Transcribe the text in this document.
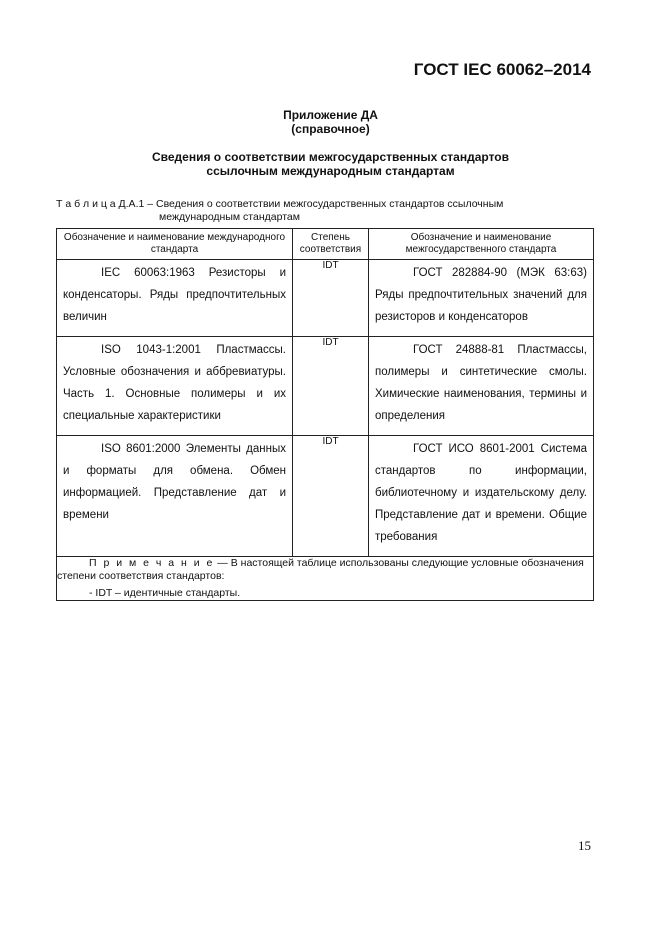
ГОСТ IEC 60062–2014
Приложение ДА
(справочное)
Сведения о соответствии межгосударственных стандартов
ссылочным международным стандартам
Т а б л и ц а Д.А.1 – Сведения о соответствии межгосударственных стандартов ссылочным
международным стандартам
Обозначение и наименование международного стандарта	Степень соответствия	Обозначение и наименование межгосударственного стандарта

IEC 60063:1963 Резисторы и конденсаторы. Ряды предпочтительных величин	IDT	ГОСТ 282884-90 (МЭК 63:63) Ряды предпочтительных значений для резисторов и конденсаторов

ISO 1043-1:2001 Пластмассы. Условные обозначения и аббревиатуры. Часть 1. Основные полимеры и их специальные характеристики	IDT	ГОСТ 24888-81 Пластмассы, полимеры и синтетические смолы. Химические наименования, термины и определения

ISO 8601:2000 Элементы данных и форматы для обмена. Обмен информацией. Представление дат и времени	IDT	ГОСТ ИСО 8601-2001 Система стандартов по информации, библиотечному и издательскому делу. Представление дат и времени. Общие требования

П р и м е ч а н и е — В настоящей таблице использованы следующие условные обозначения степени соответствия стандартов:
- IDT – идентичные стандарты.		
15
